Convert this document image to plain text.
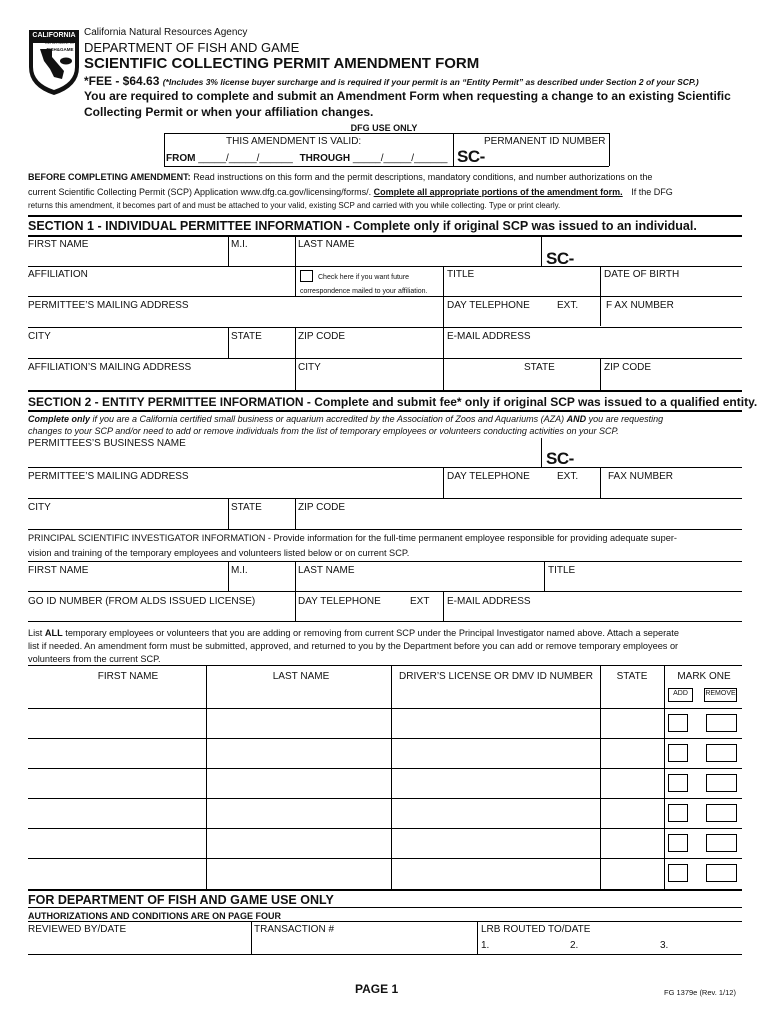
CALIFORNIA
DEPARTMENT OF
FISH&GAME
California Natural Resources Agency
DEPARTMENT OF FISH AND GAME
SCIENTIFIC COLLECTING PERMIT AMENDMENT FORM
*FEE - $64.63 (*Includes 3% license buyer surcharge and is required if your permit is an “Entity Permit” as described under Section 2 of your SCP.)
You are required to complete and submit an Amendment Form when requesting a change to an existing Scientific
Collecting Permit or when your affiliation changes.
DFG USE ONLY
THIS AMENDMENT IS VALID:	PERMANENT ID NUMBER
FROM _____/_____/______ THROUGH _____/_____/______ SC-
BEFORE COMPLETING AMENDMENT: Read instructions on this form and the permit descriptions, mandatory conditions, and number authorizations on the
current Scientific Collecting Permit (SCP) Application www.dfg.ca.gov/licensing/forms/. Complete all appropriate portions of the amendment form. If the DFG
returns this amendment, it becomes part of and must be attached to your valid, existing SCP and carried with you while collecting. Type or print clearly.
SECTION 1 - INDIVIDUAL PERMITTEE INFORMATION - Complete only if original SCP was issued to an individual.
FIRST NAME	M.I.	LAST NAME
SC-
AFFILIATION	Check here if you want future
correspondence mailed to your affiliation.
TITLE	DATE OF BIRTH
PERMITTEE’S MAILING ADDRESS	DAY TELEPHONE	EXT.	F AX NUMBER
CITY	STATE	ZIP CODE	E-MAIL ADDRESS
AFFILIATION’S MAILING ADDRESS	CITY	STATE	ZIP CODE
SECTION 2 - ENTITY PERMITTEE INFORMATION - Complete and submit fee* only if original SCP was issued to a qualified entity.
Complete only if you are a California certified small business or aquarium accredited by the Association of Zoos and Aquariums (AZA) AND you are requesting
changes to your SCP and/or need to add or remove individuals from the list of temporary employees or volunteers conducting activities on your SCP.
PERMITTEES’S BUSINESS NAME
SC-
PERMITTEE’S MAILING ADDRESS	DAY TELEPHONE	EXT.	FAX NUMBER
CITY	STATE	ZIP CODE
PRINCIPAL SCIENTIFIC INVESTIGATOR INFORMATION - Provide information for the full-time permanent employee responsible for providing adequate super-
vision and training of the temporary employees and volunteers listed below or on current SCP.
FIRST NAME	M.I.	LAST NAME	TITLE
GO ID NUMBER (FROM ALDS ISSUED LICENSE)	DAY TELEPHONE	EXT E-MAIL ADDRESS
List ALL temporary employees or volunteers that you are adding or removing from current SCP under the Principal Investigator named above. Attach a seperate
list if needed. An amendment form must be submitted, approved, and returned to you by the Department before you can add or remove temporary employees or
volunteers from the current SCP.
FIRST NAME	LAST NAME	DRIVER’S LICENSE OR DMV ID NUMBER	STATE	MARK ONE
ADD	REMOVE
FOR DEPARTMENT OF FISH AND GAME USE ONLY
AUTHORIZATIONS AND CONDITIONS ARE ON PAGE FOUR
REVIEWED BY/DATE	TRANSACTION #	LRB ROUTED TO/DATE
1.	2.	3.
PAGE 1	FG 1379e (Rev. 1/12)
